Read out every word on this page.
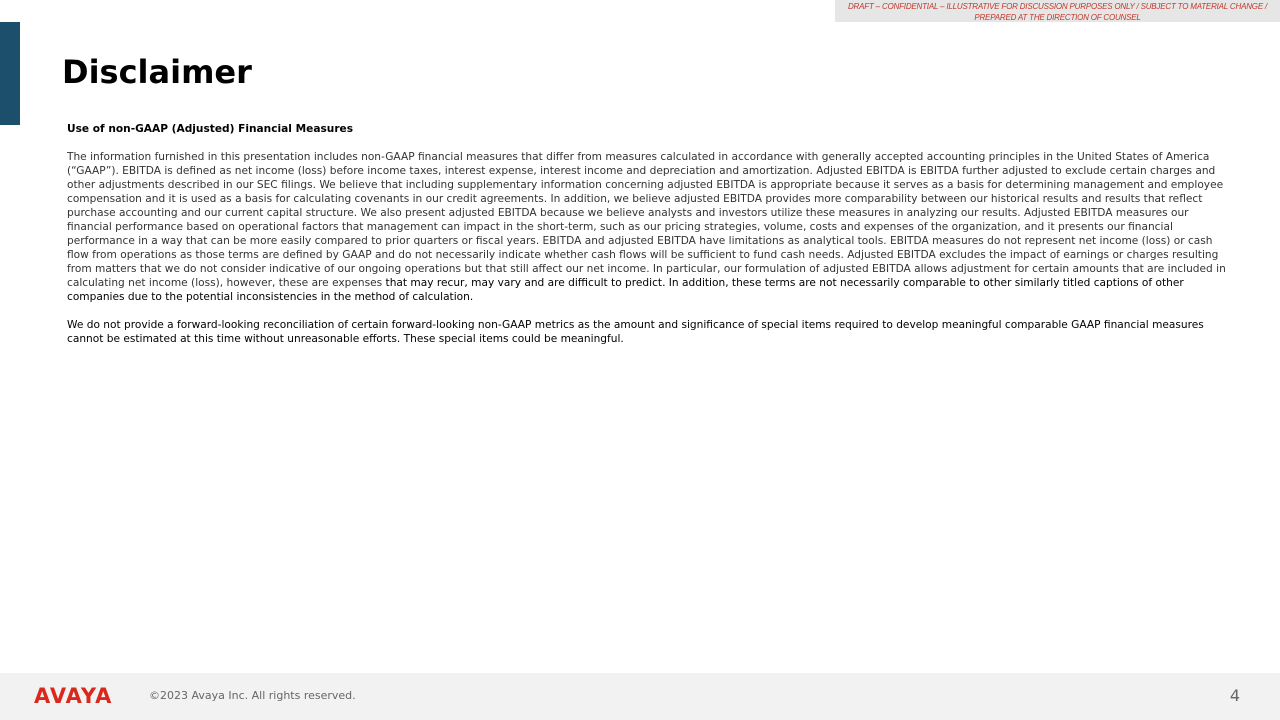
DRAFT – CONFIDENTIAL – ILLUSTRATIVE FOR DISCUSSION PURPOSES ONLY / SUBJECT TO MATERIAL CHANGE / PREPARED AT THE DIRECTION OF COUNSEL
Disclaimer
Use of non-GAAP (Adjusted) Financial Measures

The information furnished in this presentation includes non-GAAP financial measures that differ from measures calculated in accordance with generally accepted accounting principles in the United States of America (“GAAP”). EBITDA is defined as net income (loss) before income taxes, interest expense, interest income and depreciation and amortization. Adjusted EBITDA is EBITDA further adjusted to exclude certain charges and other adjustments described in our SEC filings. We believe that including supplementary information concerning adjusted EBITDA is appropriate because it serves as a basis for determining management and employee compensation and it is used as a basis for calculating covenants in our credit agreements. In addition, we believe adjusted EBITDA provides more comparability between our historical results and results that reflect purchase accounting and our current capital structure. We also present adjusted EBITDA because we believe analysts and investors utilize these measures in analyzing our results. Adjusted EBITDA measures our financial performance based on operational factors that management can impact in the short-term, such as our pricing strategies, volume, costs and expenses of the organization, and it presents our financial performance in a way that can be more easily compared to prior quarters or fiscal years. EBITDA and adjusted EBITDA have limitations as analytical tools. EBITDA measures do not represent net income (loss) or cash flow from operations as those terms are defined by GAAP and do not necessarily indicate whether cash flows will be sufficient to fund cash needs. Adjusted EBITDA excludes the impact of earnings or charges resulting from matters that we do not consider indicative of our ongoing operations but that still affect our net income. In particular, our formulation of adjusted EBITDA allows adjustment for certain amounts that are included in calculating net income (loss), however, these are expenses that may recur, may vary and are difficult to predict. In addition, these terms are not necessarily comparable to other similarly titled captions of other companies due to the potential inconsistencies in the method of calculation.

We do not provide a forward-looking reconciliation of certain forward-looking non-GAAP metrics as the amount and significance of special items required to develop meaningful comparable GAAP financial measures cannot be estimated at this time without unreasonable efforts. These special items could be meaningful.

AVAYA	©2023 Avaya Inc. All rights reserved.	4
